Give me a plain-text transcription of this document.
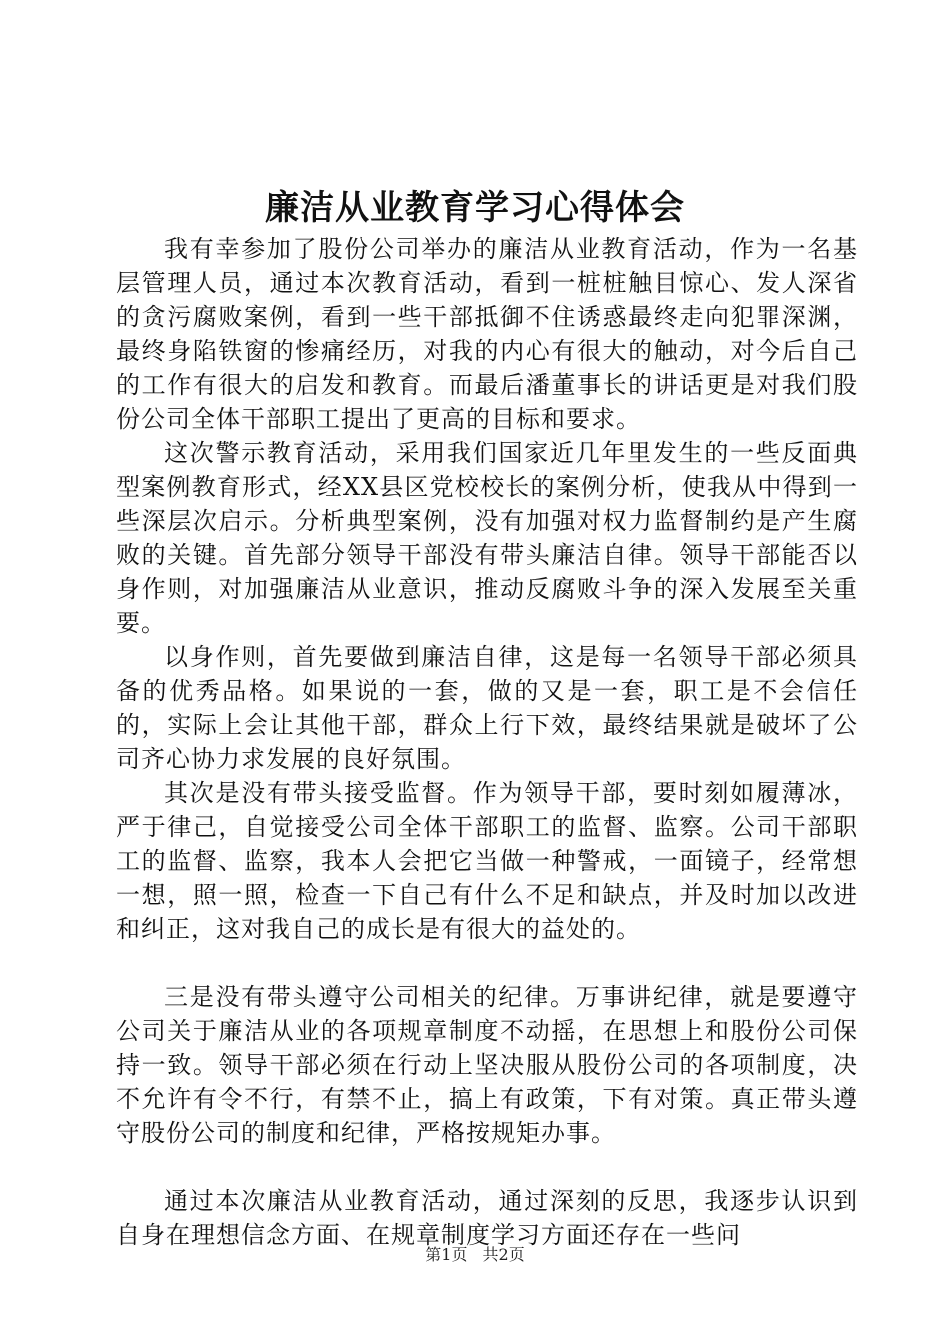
廉洁从业教育学习心得体会

我有幸参加了股份公司举办的廉洁从业教育活动，作为一名基层管理人员，通过本次教育活动，看到一桩桩触目惊心、发人深省的贪污腐败案例，看到一些干部抵御不住诱惑最终走向犯罪深渊，最终身陷铁窗的惨痛经历，对我的内心有很大的触动，对今后自己的工作有很大的启发和教育。而最后潘董事长的讲话更是对我们股份公司全体干部职工提出了更高的目标和要求。

这次警示教育活动，采用我们国家近几年里发生的一些反面典型案例教育形式，经XX县区党校校长的案例分析，使我从中得到一些深层次启示。分析典型案例，没有加强对权力监督制约是产生腐败的关键。首先部分领导干部没有带头廉洁自律。领导干部能否以身作则，对加强廉洁从业意识，推动反腐败斗争的深入发展至关重要。

以身作则，首先要做到廉洁自律，这是每一名领导干部必须具备的优秀品格。如果说的一套，做的又是一套，职工是不会信任的，实际上会让其他干部，群众上行下效，最终结果就是破坏了公司齐心协力求发展的良好氛围。

其次是没有带头接受监督。作为领导干部，要时刻如履薄冰，严于律己，自觉接受公司全体干部职工的监督、监察。公司干部职工的监督、监察，我本人会把它当做一种警戒，一面镜子，经常想一想，照一照，检查一下自己有什么不足和缺点，并及时加以改进和纠正，这对我自己的成长是有很大的益处的。

三是没有带头遵守公司相关的纪律。万事讲纪律，就是要遵守公司关于廉洁从业的各项规章制度不动摇，在思想上和股份公司保持一致。领导干部必须在行动上坚决服从股份公司的各项制度，决不允许有令不行，有禁不止，搞上有政策，下有对策。真正带头遵守股份公司的制度和纪律，严格按规矩办事。

通过本次廉洁从业教育活动，通过深刻的反思，我逐步认识到自身在理想信念方面、在规章制度学习方面还存在一些问

第1页 共2页
